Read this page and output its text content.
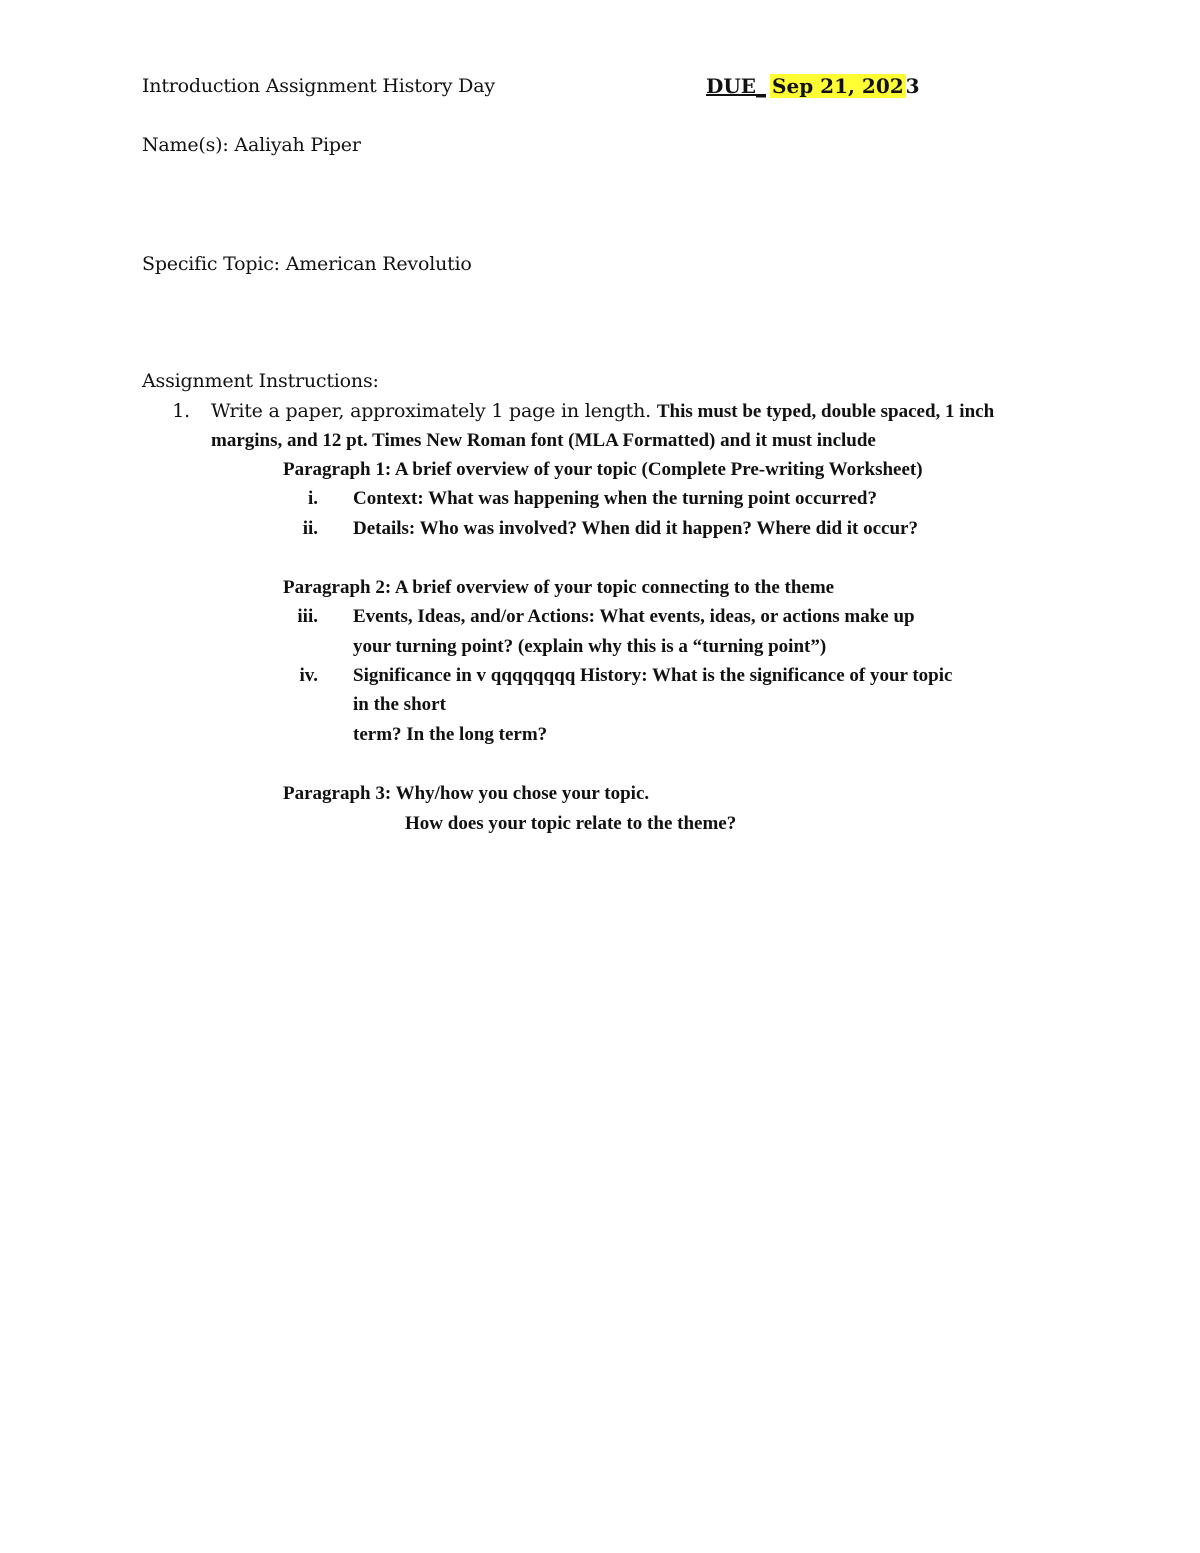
Introduction Assignment History Day	DUE_ Sep 21, 202 3
Name(s): Aaliyah Piper
Specific Topic: American Revolutio
Assignment Instructions:
1. Write a paper, approximately 1 page in length. This must be typed, double spaced, 1 inch
margins, and 12 pt. Times New Roman font (MLA Formatted) and it must include
Paragraph 1: A brief overview of your topic (Complete Pre-writing Worksheet)
i. Context: What was happening when the turning point occurred?
ii. Details: Who was involved? When did it happen? Where did it occur?
Paragraph 2: A brief overview of your topic connecting to the theme
iii. Events, Ideas, and/or Actions: What events, ideas, or actions make up
your turning point? (explain why this is a “turning point”)
iv. Significance in v qqqqqqqq History: What is the significance of your topic
in the short
term? In the long term?
Paragraph 3: Why/how you chose your topic.
How does your topic relate to the theme?
